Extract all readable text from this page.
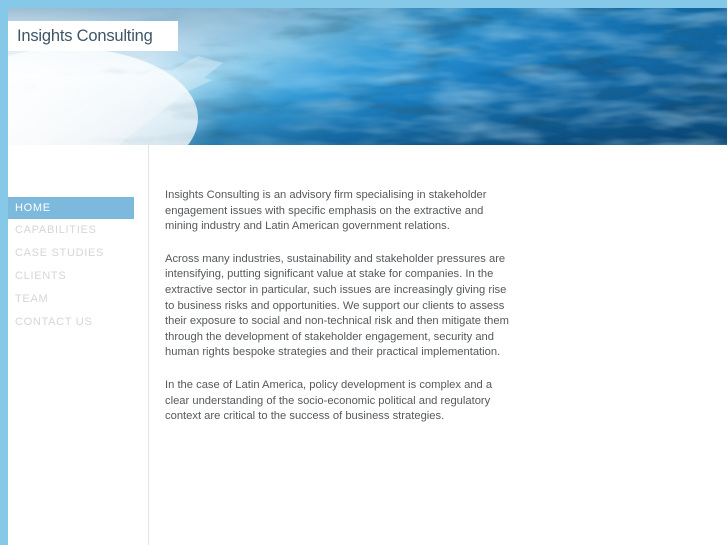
Insights Consulting
HOME
CAPABILITIES
CASE STUDIES
CLIENTS
TEAM
CONTACT US

Insights Consulting is an advisory firm specialising in stakeholder engagement issues with specific emphasis on the extractive and mining industry and Latin American government relations.

Across many industries, sustainability and stakeholder pressures are intensifying, putting significant value at stake for companies. In the extractive sector in particular, such issues are increasingly giving rise to business risks and opportunities. We support our clients to assess their exposure to social and non-technical risk and then mitigate them through the development of stakeholder engagement, security and human rights bespoke strategies and their practical implementation.

In the case of Latin America, policy development is complex and a clear understanding of the socio-economic political and regulatory context are critical to the success of business strategies.
